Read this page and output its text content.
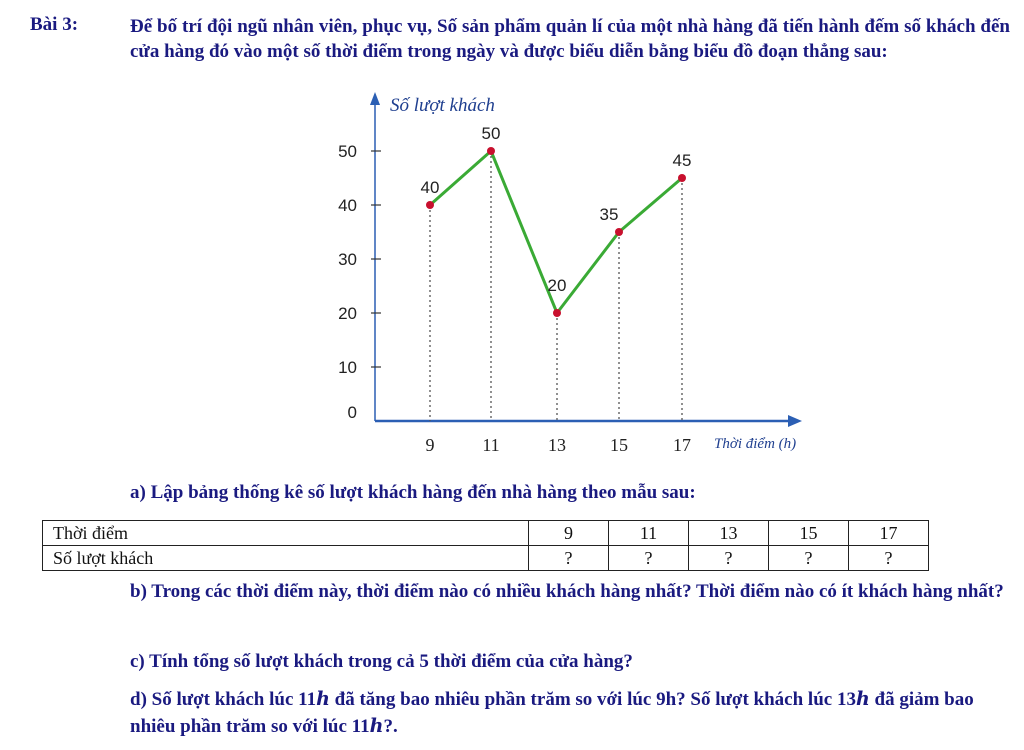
Bài 3:	Để bố trí đội ngũ nhân viên, phục vụ, Số sản phẩm quản lí của một nhà hàng đã tiến hành đếm số khách đến cửa hàng đó vào một số thời điểm trong ngày và được biểu diễn bằng biểu đồ đoạn thẳng sau:
Số lượt khách
Thời điểm (h)
0
10
20
30
40
50
9	11	13 15	17
40
50
20
35
45
a) Lập bảng thống kê số lượt khách hàng đến nhà hàng theo mẫu sau:
Thời điểm	9	11	13	15	17
Số lượt khách	?	?	?	?	?
b) Trong các thời điểm này, thời điểm nào có nhiều khách hàng nhất? Thời điểm nào có ít khách hàng nhất?
c) Tính tổng số lượt khách trong cả 5 thời điểm của cửa hàng?
d) Số lượt khách lúc 11ℎ đã tăng bao nhiêu phần trăm so với lúc 9h? Số lượt khách lúc 13ℎ đã giảm bao nhiêu phần trăm so với lúc 11ℎ?.
